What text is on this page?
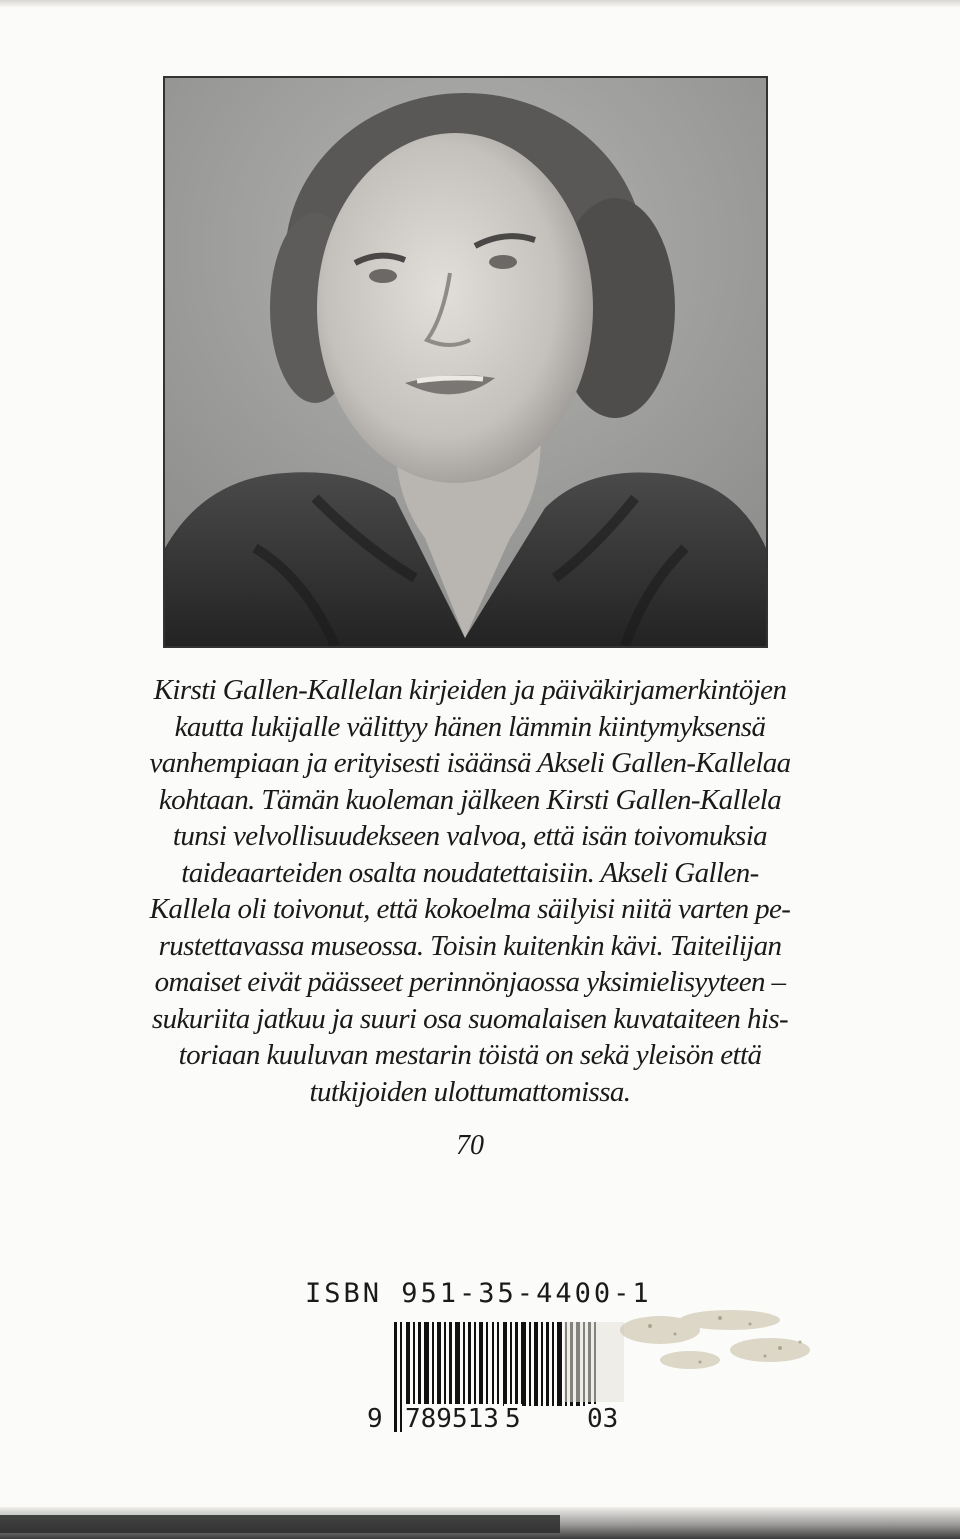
Kirsti Gallen-Kallelan kirjeiden ja päiväkirjamerkintöjen
kautta lukijalle välittyy hänen lämmin kiintymyksensä
vanhempiaan ja erityisesti isäänsä Akseli Gallen-Kallelaa
kohtaan. Tämän kuoleman jälkeen Kirsti Gallen-Kallela
tunsi velvollisuudekseen valvoa, että isän toivomuksia
taideaarteiden osalta noudatettaisiin. Akseli Gallen-
Kallela oli toivonut, että kokoelma säilyisi niitä varten pe-
rustettavassa museossa. Toisin kuitenkin kävi. Taiteilijan
omaiset eivät päässeet perinnönjaossa yksimielisyyteen –
sukuriita jatkuu ja suuri osa suomalaisen kuvataiteen his-
toriaan kuuluvan mestarin töistä on sekä yleisön että
tutkijoiden ulottumattomissa.

70
ISBN 951-35-4400-1
9 789513 5	03
